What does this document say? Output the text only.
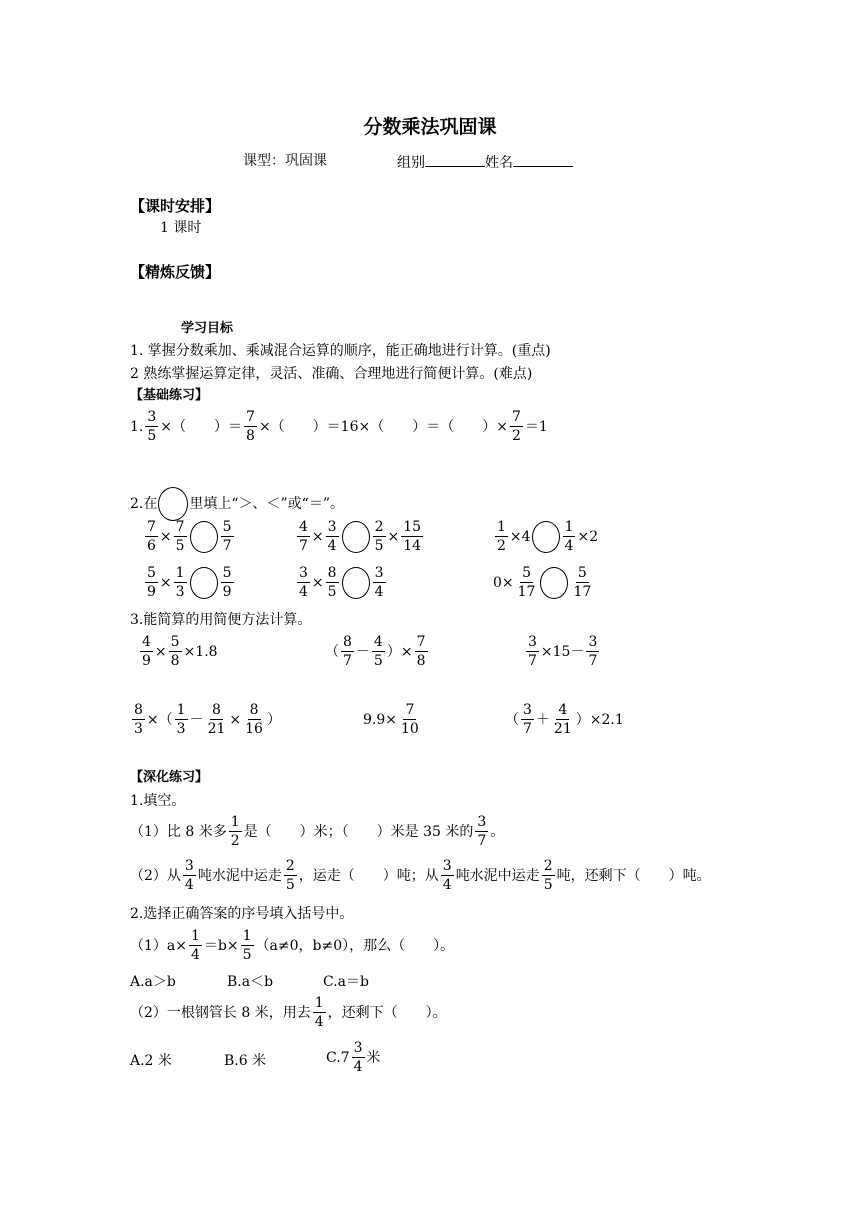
分数乘法巩固课
课型：巩固课	组别	姓名
【课时安排】
1 课时
【精炼反馈】
学习目标
1. 掌握分数乘加、乘减混合运算的顺序，能正确地进行计算。(重点)
2 熟练掌握运算定律，灵活、准确、合理地进行简便计算。(难点)
【基础练习】
1. $\frac{3}{5}$ ×（　　）＝ $\frac{7}{8}$ ×（　　）＝16×（　　）＝（　　）× $\frac{7}{2} =1$
2.在 里填上“＞、＜”或“＝”。
$\frac{7}{6} \times \frac{7}{5} \frac{5}{7}$	$\frac{4}{7} \times \frac{3}{4} \frac{2}{5} \times \frac{15}{14}$	$\frac{1}{2} \times 4 \frac{1}{4} \times 2$
$\frac{5}{9} \times \frac{1}{3} \frac{5}{9}$	$\frac{3}{4} \times \frac{8}{5} \frac{3}{4}$	$0\times \frac{5}{17} \frac{5}{17}$
3.能简算的用简便方法计算。
$\frac{4}{9} \times \frac{5}{8} \times 1.8$	（ $\frac{8}{7} - \frac{4}{5}$ ）× $\frac{7}{8}$	$\frac{3}{7} \times 15- \frac{3}{7}$
$\frac{8}{3}$ ×（ $\frac{1}{3} - \frac{8}{21} \times \frac{8}{16}$ ）	$9.9\times \frac{7}{10}$	（ $\frac{3}{7} + \frac{4}{21} )\times 2.1$
【深化练习】
1.填空。
（1）比 8 米多 $\frac{1}{2}$ 是（　　）米；（　　）米是 35 米的 $\frac{3}{7}$ 。
（2）从 $\frac{3}{4}$ 吨水泥中运走 $\frac{2}{5}$ ，运走（　　）吨；从 $\frac{3}{4}$ 吨水泥中运走 $\frac{2}{5}$ 吨，还剩下（　　）吨。
2.选择正确答案的序号填入括号中。
$(1)a\times \frac{1}{4} =b\times \frac{1}{5} (a\ne 0$，b≠0），那么（　　）。
A.a＞b	B.a＜b	C.a＝b
（2）一根钢管长 8 米，用去 $\frac{1}{4}$ ，还剩下（　　）。
A.2 米	B.6 米	$C.7 \frac{3}{4}$ 米
